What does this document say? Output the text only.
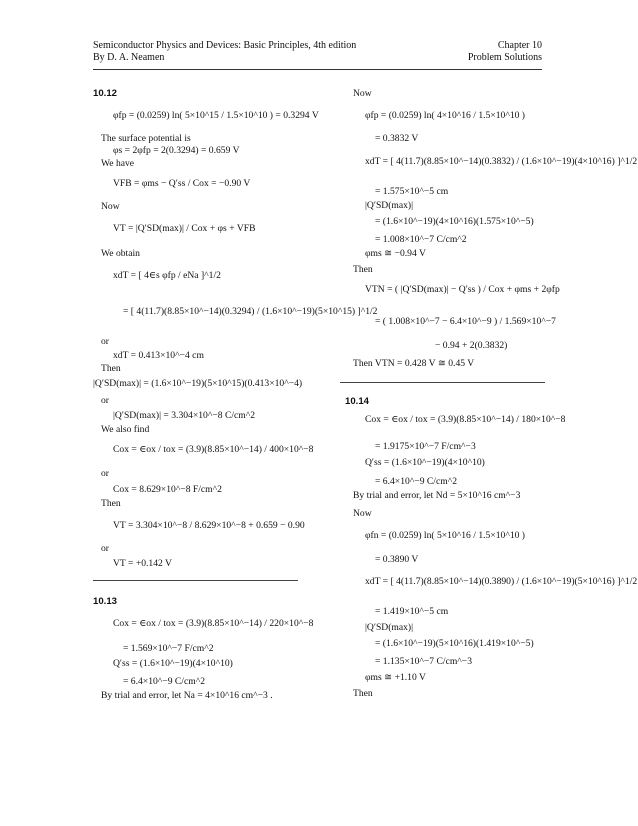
Semiconductor Physics and Devices: Basic Principles, 4th edition
By D. A. Neamen
Chapter 10
Problem Solutions
10.12
φfp = (0.0259) ln( 5×10^15 / 1.5×10^10 ) = 0.3294 V
The surface potential is
φs = 2φfp = 2(0.3294) = 0.659 V
We have
VFB = φms − Q′ss / Cox = −0.90 V
Now
VT = |Q′SD(max)| / Cox + φs + VFB
We obtain
xdT = [ 4∈s φfp / eNa ]^1/2
= [ 4(11.7)(8.85×10^−14)(0.3294) / (1.6×10^−19)(5×10^15) ]^1/2
or
xdT = 0.413×10^−4 cm
Then
|Q′SD(max)| = (1.6×10^−19)(5×10^15)(0.413×10^−4)
or
|Q′SD(max)| = 3.304×10^−8 C/cm^2
We also find
Cox = ∈ox / tox = (3.9)(8.85×10^−14) / 400×10^−8
or
Cox = 8.629×10^−8 F/cm^2
Then
VT = 3.304×10^−8 / 8.629×10^−8 + 0.659 − 0.90
or
VT = +0.142 V
10.13
Cox = ∈ox / tox = (3.9)(8.85×10^−14) / 220×10^−8
= 1.569×10^−7 F/cm^2
Q′ss = (1.6×10^−19)(4×10^10)
= 6.4×10^−9 C/cm^2
By trial and error, let Na = 4×10^16 cm^−3 .
Now
φfp = (0.0259) ln( 4×10^16 / 1.5×10^10 )
= 0.3832 V
xdT = [ 4(11.7)(8.85×10^−14)(0.3832) / (1.6×10^−19)(4×10^16) ]^1/2
= 1.575×10^−5 cm
|Q′SD(max)|
= (1.6×10^−19)(4×10^16)(1.575×10^−5)
= 1.008×10^−7 C/cm^2
φms ≅ −0.94 V
Then
VTN = ( |Q′SD(max)| − Q′ss ) / Cox + φms + 2φfp
= ( 1.008×10^−7 − 6.4×10^−9 ) / 1.569×10^−7
− 0.94 + 2(0.3832)
Then VTN = 0.428 V ≅ 0.45 V
10.14
Cox = ∈ox / tox = (3.9)(8.85×10^−14) / 180×10^−8
= 1.9175×10^−7 F/cm^−3
Q′ss = (1.6×10^−19)(4×10^10)
= 6.4×10^−9 C/cm^2
By trial and error, let Nd = 5×10^16 cm^−3
Now
φfn = (0.0259) ln( 5×10^16 / 1.5×10^10 )
= 0.3890 V
xdT = [ 4(11.7)(8.85×10^−14)(0.3890) / (1.6×10^−19)(5×10^16) ]^1/2
= 1.419×10^−5 cm
|Q′SD(max)|
= (1.6×10^−19)(5×10^16)(1.419×10^−5)
= 1.135×10^−7 C/cm^−3
φms ≅ +1.10 V
Then
